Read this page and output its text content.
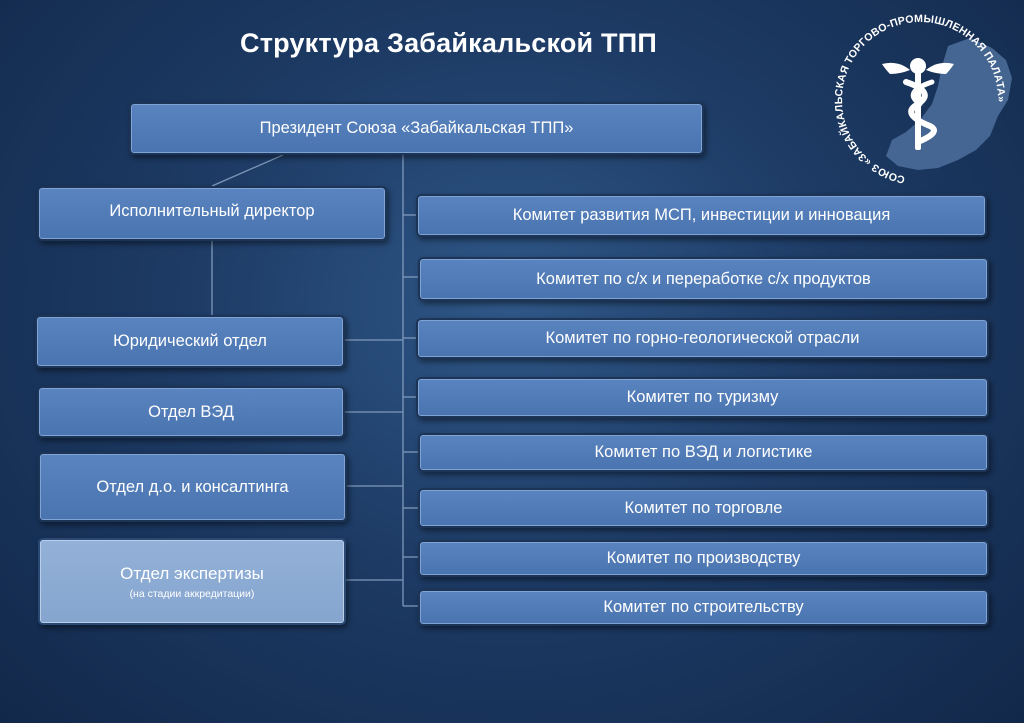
Структура Забайкальской ТПП
Президент Союза «Забайкальская ТПП»
Исполнительный директор
Юридический отдел
Отдел ВЭД
Отдел д.о. и консалтинга
Отдел экспертизы
(на стадии аккредитации)
Комитет развития МСП, инвестиции и инновация
Комитет по с/х и переработке с/х продуктов
Комитет по горно-геологической отрасли
Комитет по туризму
Комитет по ВЭД и логистике
Комитет по торговле
Комитет по производству
Комитет по строительству
СОЮЗ «ЗАБАЙКАЛЬСКАЯ ТОРГОВО-ПРОМЫШЛЕННАЯ ПАЛАТА»
